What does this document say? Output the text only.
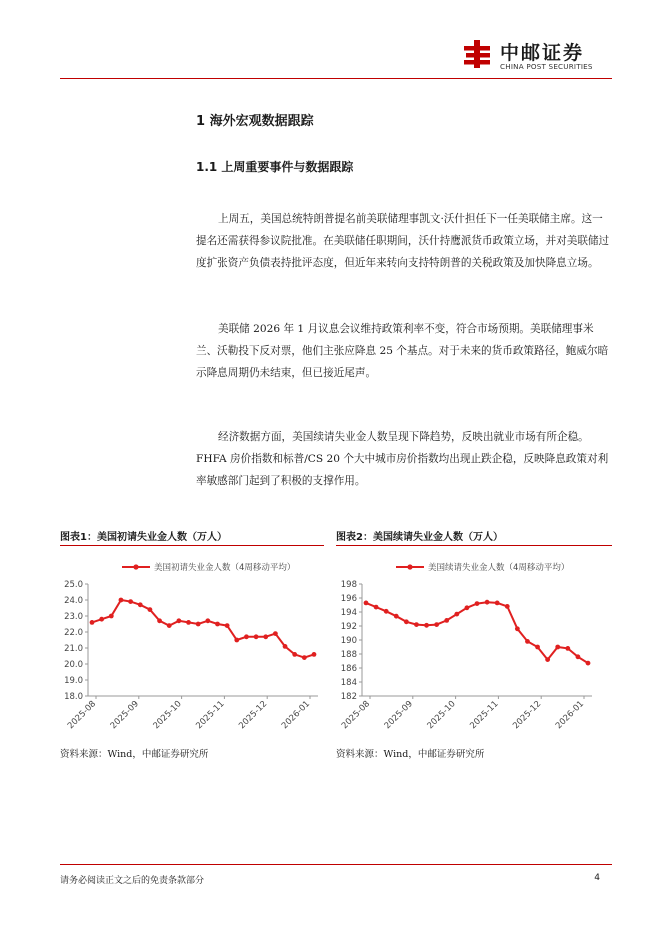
中邮证券
CHINA POST SECURITIES
1 海外宏观数据跟踪
1.1 上周重要事件与数据跟踪
上周五，美国总统特朗普提名前美联储理事凯文·沃什担任下一任美联储主席。这一提名还需获得参议院批准。在美联储任职期间，沃什持鹰派货币政策立场，并对美联储过度扩张资产负债表持批评态度，但近年来转向支持特朗普的关税政策及加快降息立场。
美联储 2026 年 1 月议息会议维持政策利率不变，符合市场预期。美联储理事米兰、沃勒投下反对票，他们主张应降息 25 个基点。对于未来的货币政策路径，鲍威尔暗示降息周期仍未结束，但已接近尾声。
经济数据方面，美国续请失业金人数呈现下降趋势，反映出就业市场有所企稳。FHFA 房价指数和标普/CS 20 个大中城市房价指数均出现止跌企稳，反映降息政策对利率敏感部门起到了积极的支撑作用。
图表1：美国初请失业金人数（万人）
美国初请失业金人数（4周移动平均）
18.0
19.0
20.0
21.0
22.0
23.0
24.0
25.0
2025-08 2025-09 2025-10 2025-11 2025-12 2026-01
资料来源：Wind，中邮证券研究所
图表2：美国续请失业金人数（万人）
美国续请失业金人数（4周移动平均）
182
184
186
188
190
192
194
196
198
2025-08 2025-09 2025-10 2025-11 2025-12 2026-01
资料来源：Wind，中邮证券研究所
请务必阅读正文之后的免责条款部分	4
